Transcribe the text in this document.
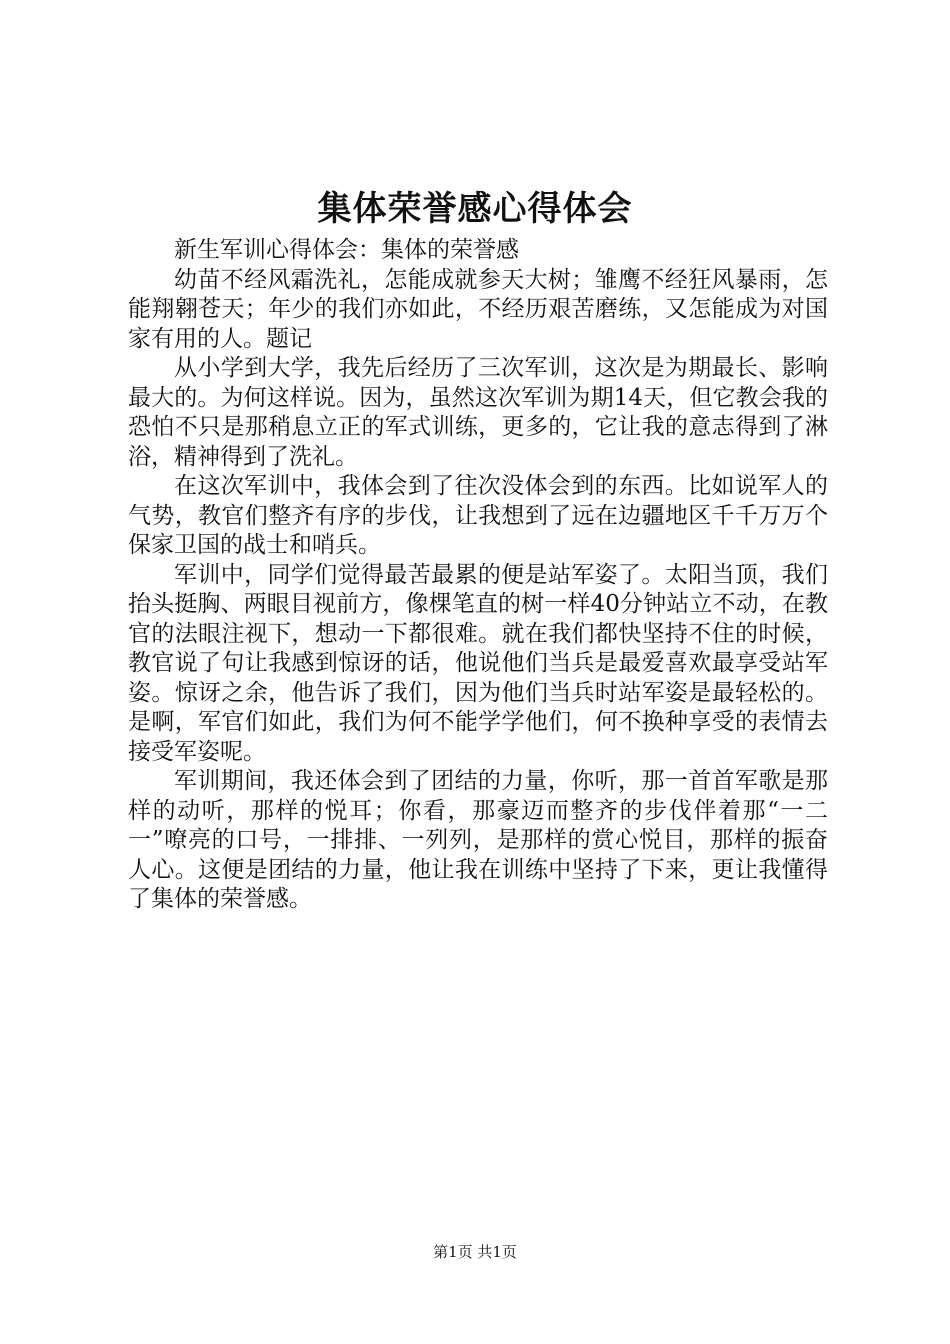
集体荣誉感心得体会

新生军训心得体会：集体的荣誉感

幼苗不经风霜洗礼，怎能成就参天大树；雏鹰不经狂风暴雨，怎能翔翱苍天；年少的我们亦如此，不经历艰苦磨练，又怎能成为对国家有用的人。题记

从小学到大学，我先后经历了三次军训，这次是为期最长、影响最大的。为何这样说。因为，虽然这次军训为期14天，但它教会我的恐怕不只是那稍息立正的军式训练，更多的，它让我的意志得到了淋浴，精神得到了洗礼。

在这次军训中，我体会到了往次没体会到的东西。比如说军人的气势，教官们整齐有序的步伐，让我想到了远在边疆地区千千万万个保家卫国的战士和哨兵。

军训中，同学们觉得最苦最累的便是站军姿了。太阳当顶，我们抬头挺胸、两眼目视前方，像棵笔直的树一样40分钟站立不动，在教官的法眼注视下，想动一下都很难。就在我们都快坚持不住的时候，教官说了句让我感到惊讶的话，他说他们当兵是最爱喜欢最享受站军姿。惊讶之余，他告诉了我们，因为他们当兵时站军姿是最轻松的。是啊，军官们如此，我们为何不能学学他们，何不换种享受的表情去接受军姿呢。

军训期间，我还体会到了团结的力量，你听，那一首首军歌是那样的动听，那样的悦耳；你看，那豪迈而整齐的步伐伴着那“一二一”嘹亮的口号，一排排、一列列，是那样的赏心悦目，那样的振奋人心。这便是团结的力量，他让我在训练中坚持了下来，更让我懂得了集体的荣誉感。

第1页 共1页
